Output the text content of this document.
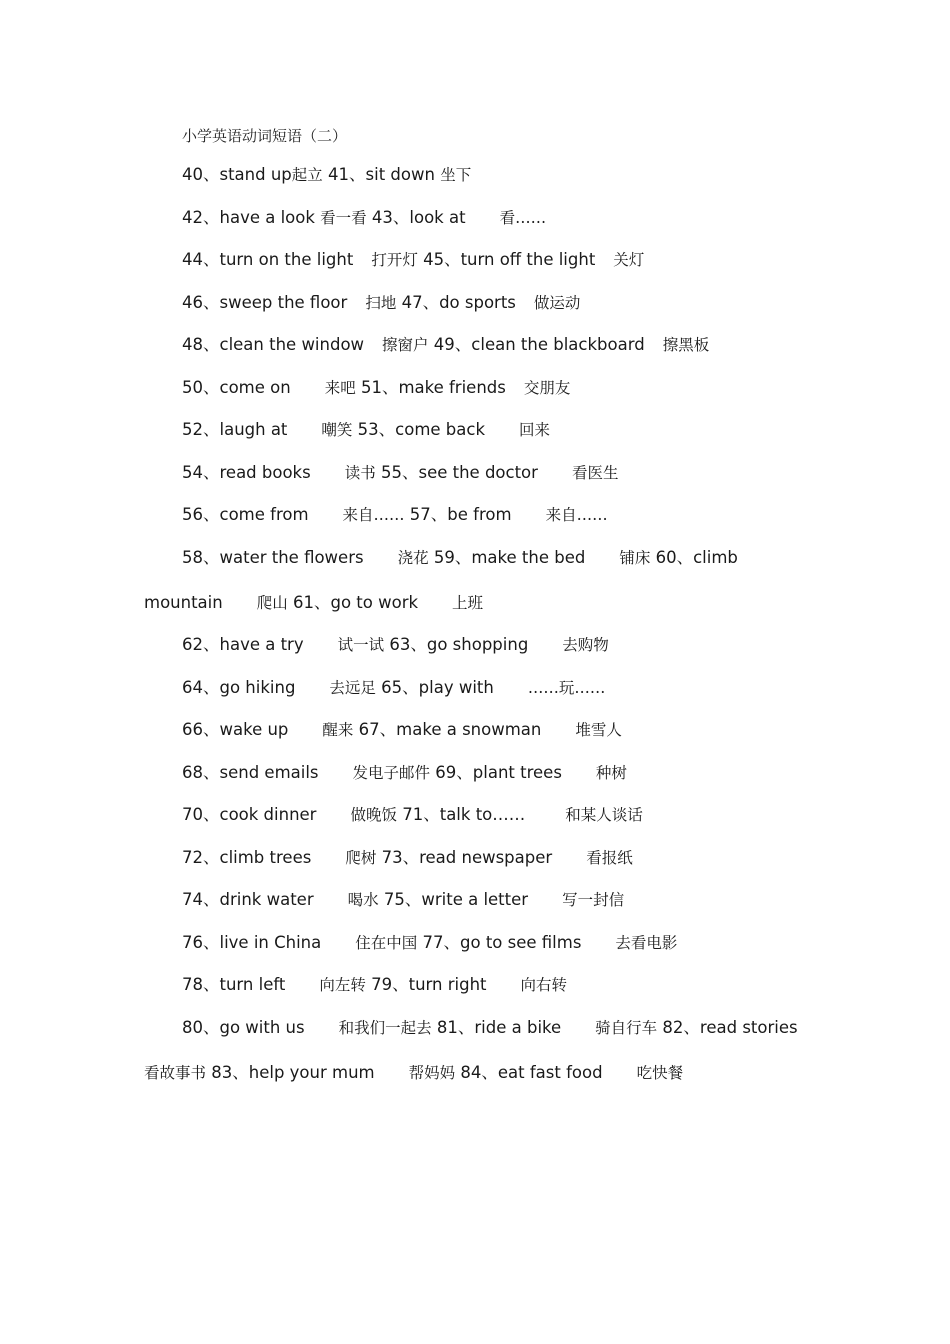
小学英语动词短语（二）
40、stand up起立 41、sit down 坐下
42、have a look 看一看 43、look at 看……
44、turn on the light 打开灯 45、turn off the light 关灯
46、sweep the floor 扫地 47、do sports 做运动
48、clean the window 擦窗户 49、clean the blackboard 擦黑板
50、come on 来吧 51、make friends 交朋友
52、laugh at 嘲笑 53、come back 回来
54、read books 读书 55、see the doctor 看医生
56、come from 来自…… 57、be from 来自……
58、water the flowers 浇花 59、make the bed 铺床 60、climb
mountain 爬山 61、go to work 上班
62、have a try 试一试 63、go shopping 去购物
64、go hiking 去远足 65、play with ……玩……
66、wake up 醒来 67、make a snowman 堆雪人
68、send emails 发电子邮件 69、plant trees 种树
70、cook dinner 做晚饭 71、talk to……	和某人谈话
72、climb trees 爬树 73、read newspaper 看报纸
74、drink water 喝水 75、write a letter 写一封信
76、live in China 住在中国 77、go to see films 去看电影
78、turn left 向左转 79、turn right 向右转
80、go with us 和我们一起去 81、ride a bike 骑自行车 82、read stories
看故事书 83、help your mum 帮妈妈 84、eat fast food 吃快餐
